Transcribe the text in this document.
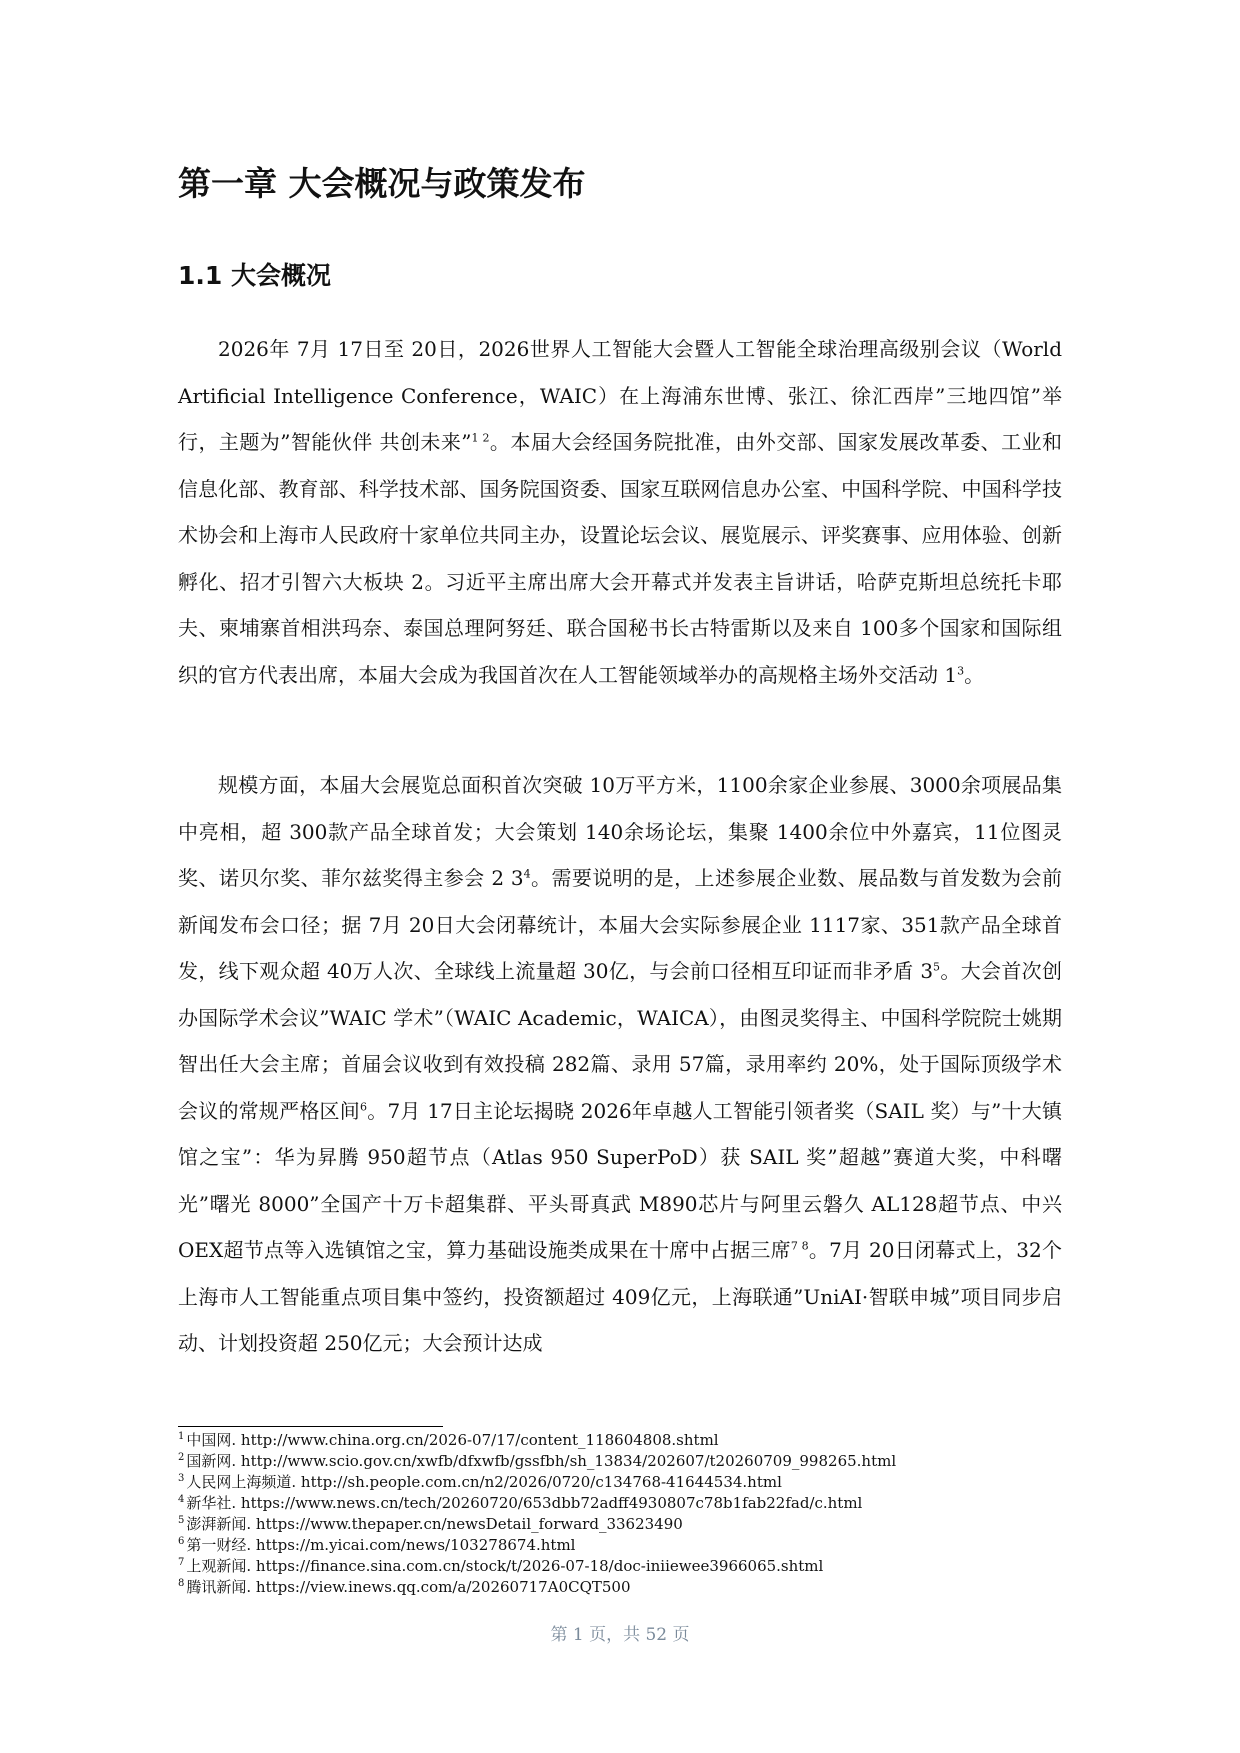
第一章 大会概况与政策发布
1.1 大会概况

2026年 7月 17日至 20日，2026世界人工智能大会暨人工智能全球治理高级别会议（World Artificial Intelligence Conference，WAIC）在上海浦东世博、张江、徐汇西岸”三地四馆”举行，主题为”智能伙伴 共创未来”$^{1 2}$。本届大会经国务院批准，由外交部、国家发展改革委、工业和信息化部、教育部、科学技术部、国务院国资委、国家互联网信息办公室、中国科学院、中国科学技术协会和上海市人民政府十家单位共同主办，设置论坛会议、展览展示、评奖赛事、应用体验、创新孵化、招才引智六大板块 2。习近平主席出席大会开幕式并发表主旨讲话，哈萨克斯坦总统托卡耶夫、柬埔寨首相洪玛奈、泰国总理阿努廷、联合国秘书长古特雷斯以及来自 100多个国家和国际组织的官方代表出席，本届大会成为我国首次在人工智能领域举办的高规格主场外交活动 $1^3$。

规模方面，本届大会展览总面积首次突破 10万平方米，1100余家企业参展、3000余项展品集中亮相，超 300款产品全球首发；大会策划 140余场论坛，集聚 1400余位中外嘉宾，11位图灵奖、诺贝尔奖、菲尔兹奖得主参会 2 $3^4$。需要说明的是，上述参展企业数、展品数与首发数为会前新闻发布会口径；据 7月 20日大会闭幕统计，本届大会实际参展企业 1117家、351款产品全球首发，线下观众超 40万人次、全球线上流量超 30亿，与会前口径相互印证而非矛盾 $3^5$。大会首次创办国际学术会议”WAIC 学术”（WAIC Academic，WAICA），由图灵奖得主、中国科学院院士姚期智出任大会主席；首届会议收到有效投稿 282篇、录用 57篇，录用率约 20%，处于国际顶级学术会议的常规严格区间$^6$。7月 17日主论坛揭晓 2026年卓越人工智能引领者奖（SAIL 奖）与”十大镇馆之宝”：华为昇腾 950超节点（Atlas 950 SuperPoD）获 SAIL 奖”超越”赛道大奖，中科曙光”曙光 8000”全国产十万卡超集群、平头哥真武 M890芯片与阿里云磐久 AL128超节点、中兴 OEX超节点等入选镇馆之宝，算力基础设施类成果在十席中占据三席$^{7 8}$。7月 20日闭幕式上，32个上海市人工智能重点项目集中签约，投资额超过 409亿元，上海联通”UniAI·智联申城”项目同步启动、计划投资超 250亿元；大会预计达成

$^1$ 中国网. http://www.china.org.cn/2026-07/17/content_118604808.shtml
$^2$ 国新网. http://www.scio.gov.cn/xwfb/dfxwfb/gssfbh/sh_13834/202607/t20260709_998265.html
$^3$ 人民网上海频道. http://sh.people.com.cn/n2/2026/0720/c134768-41644534.html
$^4$ 新华社. https://www.news.cn/tech/20260720/653dbb72adff4930807c78b1fab22fad/c.html
$^5$ 澎湃新闻. https://www.thepaper.cn/newsDetail_forward_33623490
$^6$ 第一财经. https://m.yicai.com/news/103278674.html
$^7$ 上观新闻. https://finance.sina.com.cn/stock/t/2026-07-18/doc-iniiewee3966065.shtml
$^8$ 腾讯新闻. https://view.inews.qq.com/a/20260717A0CQT500
第 1 页，共 52 页
